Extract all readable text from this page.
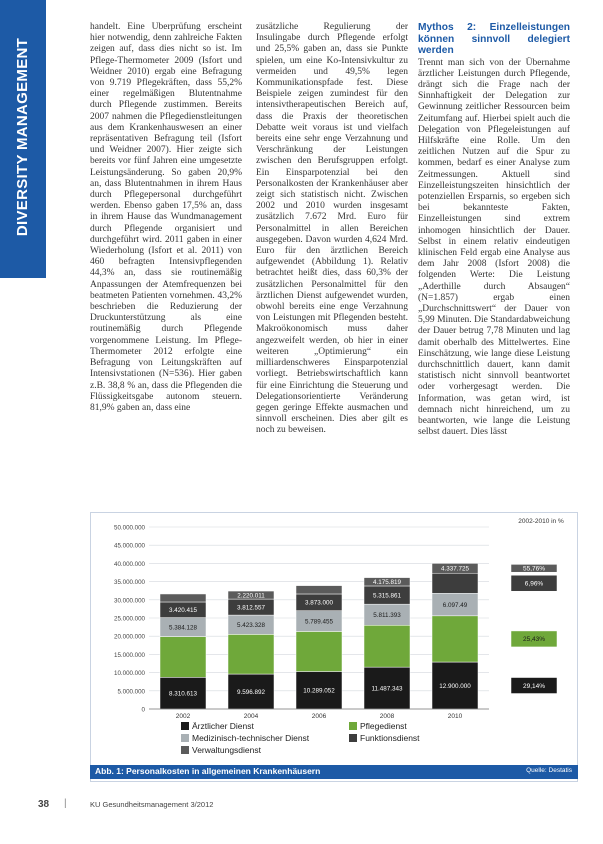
DIVERSITY MANAGEMENT

handelt. Eine Überprüfung erscheint hier notwendig, denn zahlreiche Fakten zeigen auf, dass dies nicht so ist. Im Pflege-Thermometer 2009 (Isfort und Weidner 2010) ergab eine Befragung von 9.719 Pflegekräften, dass 55,2% einer regelmäßigen Blutentnahme durch Pflegende zustimmen. Bereits 2007 nahmen die Pflegedienstleitungen aus dem Krankenhausweseп an einer repräsentativen Befragung teil (Isfort und Weidner 2007). Hier zeigte sich bereits vor fünf Jahren eine umgesetzte Leistungsänderung. So gaben 20,9% an, dass Blutentnahmen in ihrem Haus durch Pflegepersonal durchgeführt werden. Ebenso gaben 17,5% an, dass in ihrem Hause das Wundmanagement durch Pflegende organisiert und durchgeführt wird. 2011 gaben in einer Wiederholung (Isfort et al. 2011) von 460 befragten Intensivpflegenden 44,3% an, dass sie routinemäßig Anpassungen der Atemfrequenzen bei beatmeten Patienten vornehmen. 43,2% beschrieben die Reduzierung der Druckunterstützung als eine routinemäßig durch Pflegende vorgenommene Leistung. Im Pflege-Thermometer 2012 erfolgte eine Befragung von Leitungskräften auf Intensivstationen (N=536). Hier gaben z.B. 38,8 % an, dass die Pflegenden die Flüssigkeitsgabe autonom steuern. 81,9% gaben an, dass eine

zusätzliche Regulierung der Insulingabe durch Pflegende erfolgt und 25,5% gaben an, dass sie Punkte spielen, um eine Ko-Intensivkultur zu vermeiden und 49,5% legen Kommunikationspfade fest. Diese Beispiele zeigen zumindest für den intensivtherapeutischen Bereich auf, dass die Praxis der theoretischen Debatte weit voraus ist und vielfach bereits eine sehr enge Verzahnung und Verschränkung der Leistungen zwischen den Berufsgruppen erfolgt. Ein Einsparpotenzial bei den Personalkosten der Krankenhäuser aber zeigt sich statistisch nicht. Zwischen 2002 und 2010 wurden insgesamt zusätzlich 7.672 Mrd. Euro für Personalmittel in allen Bereichen ausgegeben. Davon wurden 4,624 Mrd. Euro für den ärztlichen Bereich aufgewendet (Abbildung 1). Relativ betrachtet heißt dies, dass 60,3% der zusätzlichen Personalmittel für den ärztlichen Dienst aufgewendet wurden, obwohl bereits eine enge Verzahnung von Leistungen mit Pflegenden besteht. Makroökonomisch muss daher angezweifelt werden, ob hier in einer weiteren „Optimierung“ ein milliardenschweres Einsparpotenzial vorliegt. Betriebswirtschaftlich kann für eine Einrichtung die Steuerung und Delegationsorientierte Veränderung gegen geringe Effekte ausmachen und sinnvoll erscheinen. Dies aber gilt es noch zu beweisen.

Mythos 2: Einzelleistungen können sinnvoll delegiert werden

Trennt man sich von der Übernahme ärztlicher Leistungen durch Pflegende, drängt sich die Frage nach der Sinnhaftigkeit der Delegation zur Gewinnung zeitlicher Ressourcen beim Zeitumfang auf. Hierbei spielt auch die Delegation von Pflegeleistungen auf Hilfskräfte eine Rolle. Um den zeitlichen Nutzen auf die Spur zu kommen, bedarf es einer Analyse zum Zeitmessungen. Aktuell sind Einzelleistungszeiten hinsichtlich der potenziellen Ersparnis, so ergeben sich bei bekannteste Fakten, Einzelleistungen sind extrem inhomogen hinsichtlich der Dauer. Selbst in einem relativ eindeutigen klinischen Feld ergab eine Analyse aus dem Jahr 2008 (Isfort 2008) die folgenden Werte: Die Leistung „Aderthille durch Absaugen“ (N=1.857) ergab einen „Durchschnittswert“ der Dauer von 5,99 Minuten. Die Standardabweichung der Dauer betrug 7,78 Minuten und lag damit oberhalb des Mittelwertes. Eine Einschätzung, wie lange diese Leistung durchschnittlich dauert, kann damit statistisch nicht sinnvoll beantwortet oder vorhergesagt werden. Die Information, was getan wird, ist demnach nicht hinreichend, um zu beantworten, wie lange die Leistung selbst dauert. Dies lässt

0
5.000.000
10.000.000
15.000.000
20.000.000
25.000.000
30.000.000
35.000.000
40.000.000
45.000.000
50.000.000
2002-2010 in %
8.310.613
5.384.128
3.420.415
2002
9.596.892
5.423.328
3.812.557
2.220.011
2004
10.289.052
5.789.455
3.873.000
2006
11.487.343
5.811.393
5.315.861
4.175.819
2008
12.900.000
6.097.49
4.337.725
2010
29,14%
25,43%
6,96%
55,76%
Ärztlicher Dienst	Pflegedienst
Medizinisch-technischer Dienst	Funktionsdienst
Verwaltungsdienst
Abb. 1: Personalkosten in allgemeinen Krankenhäusern	Quelle: Destatis
38 |	KU Gesundheitsmanagement 3/2012
